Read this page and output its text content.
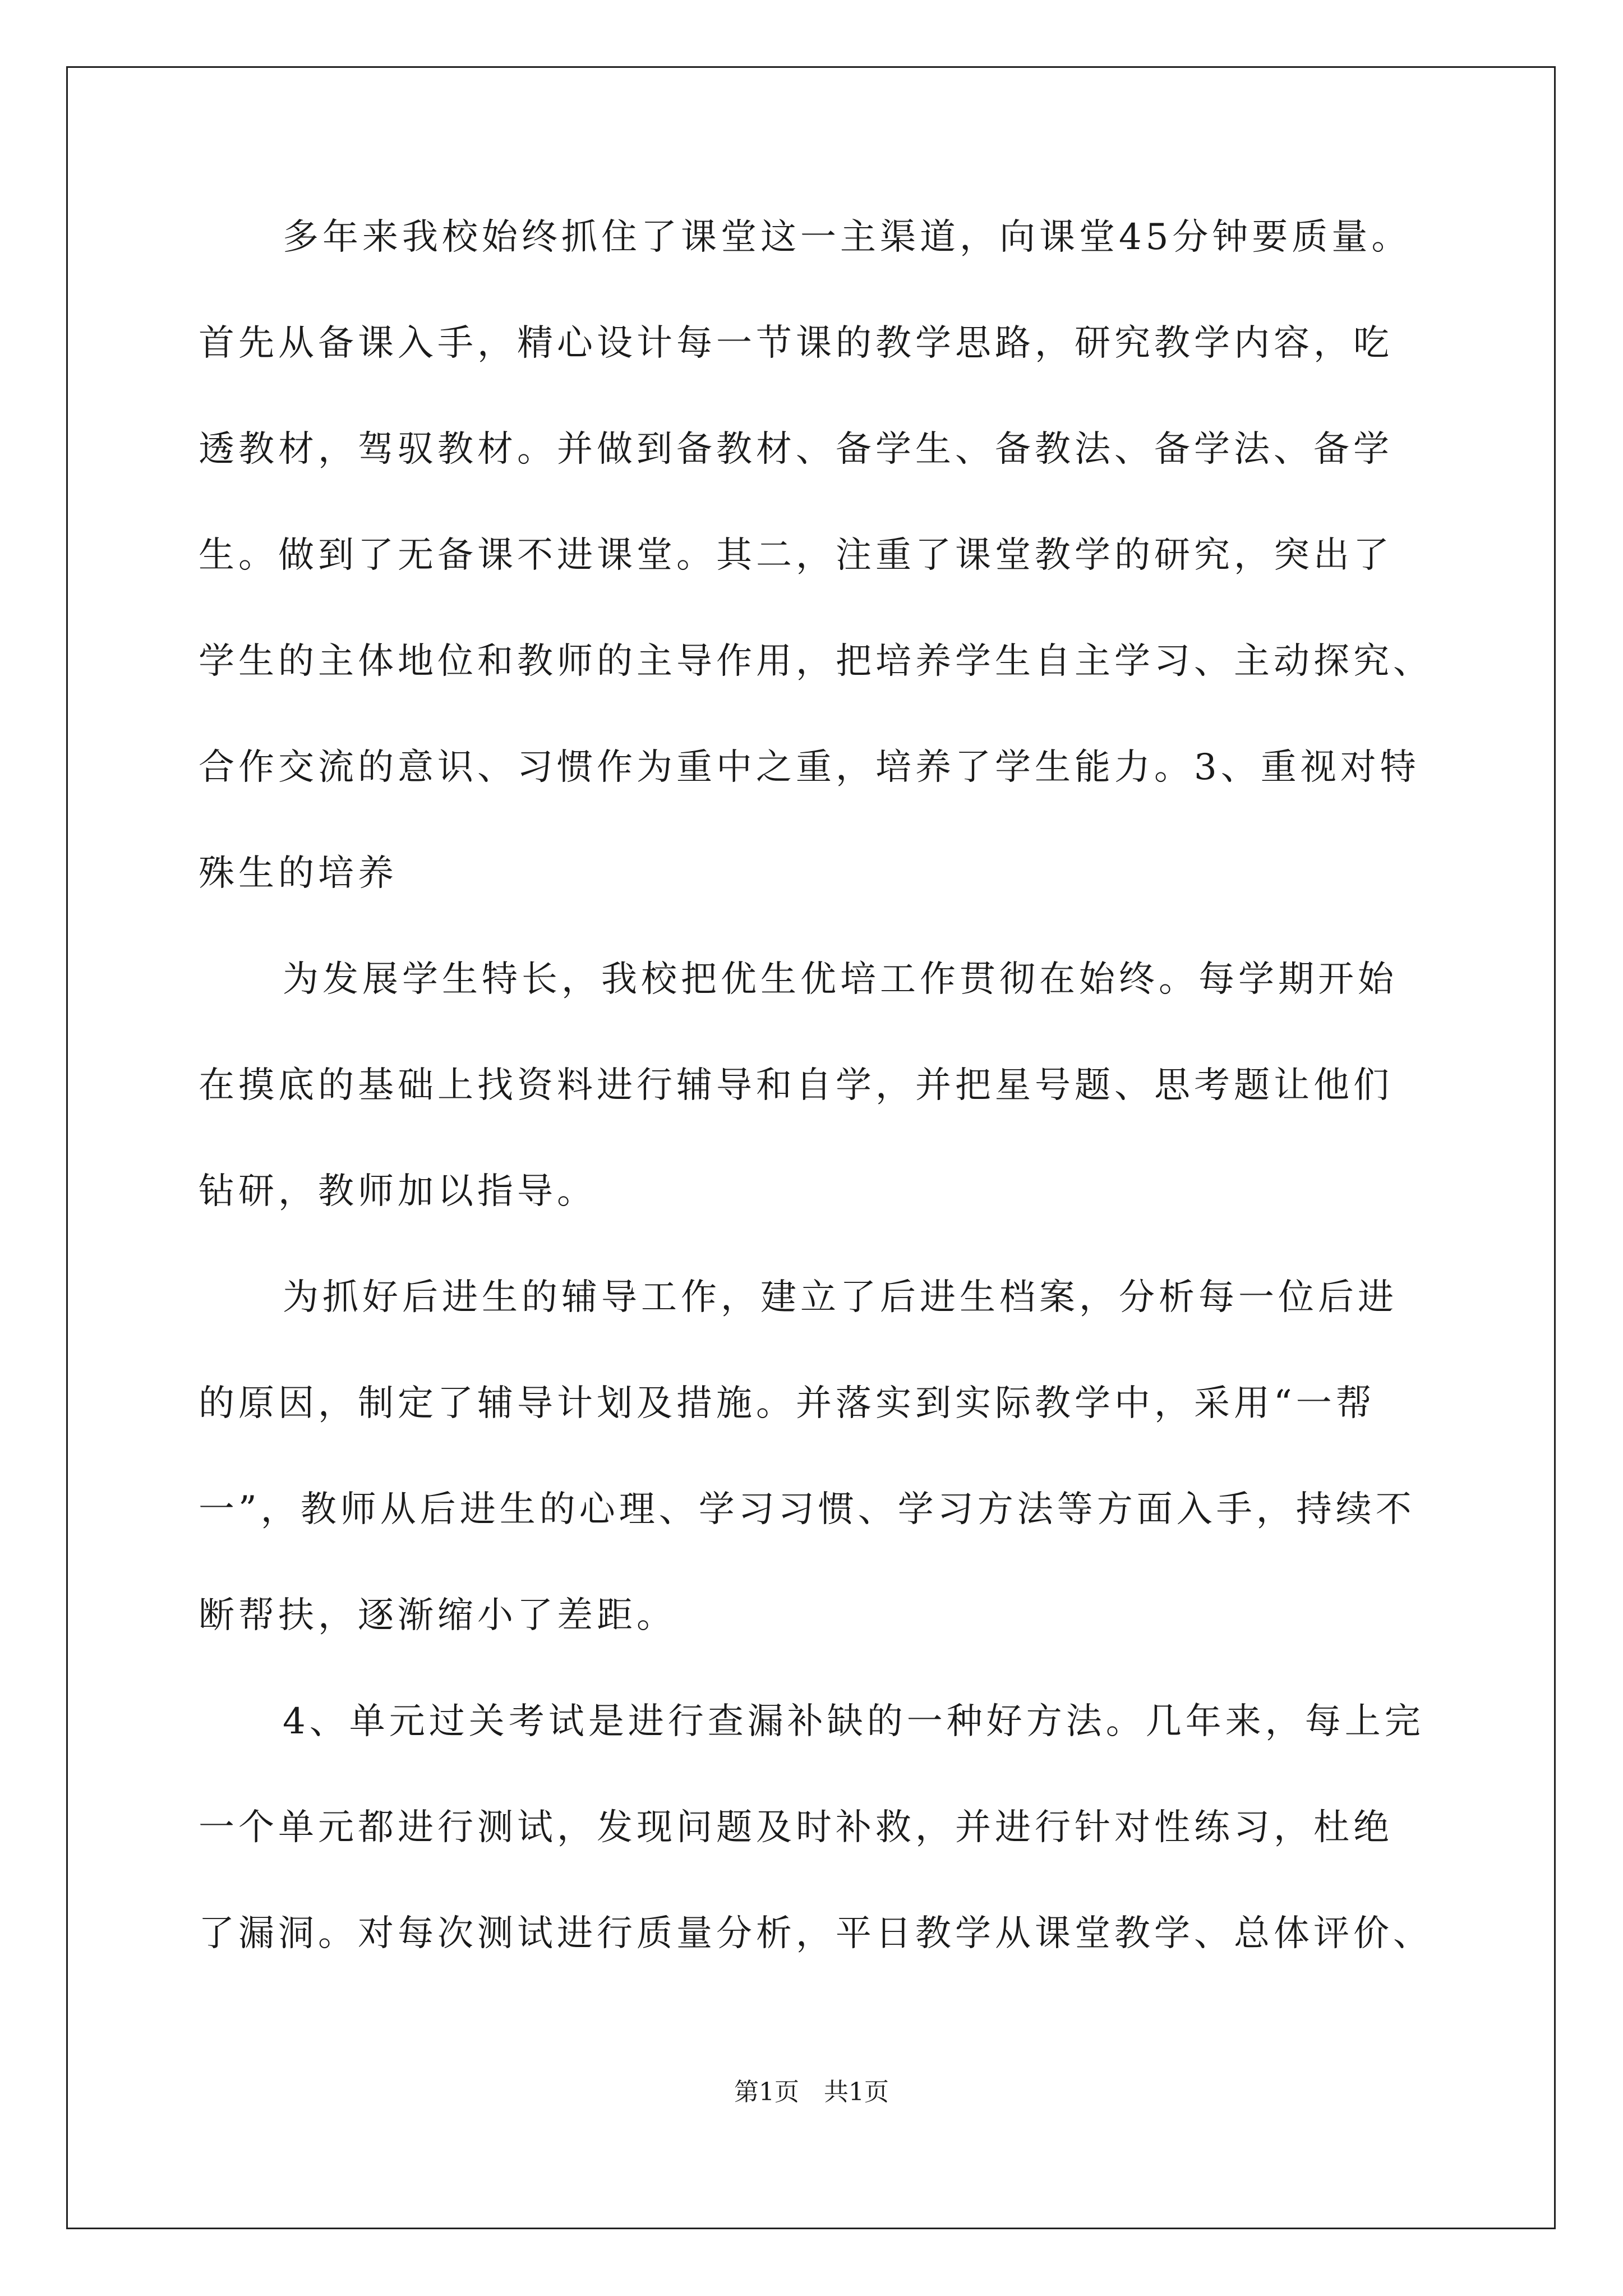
多年来我校始终抓住了课堂这一主渠道，向课堂45分钟要质量。
首先从备课入手，精心设计每一节课的教学思路，研究教学内容，吃
透教材，驾驭教材。并做到备教材、备学生、备教法、备学法、备学
生。做到了无备课不进课堂。其二，注重了课堂教学的研究，突出了
学生的主体地位和教师的主导作用，把培养学生自主学习、主动探究、
合作交流的意识、习惯作为重中之重，培养了学生能力。3、重视对特
殊生的培养
为发展学生特长，我校把优生优培工作贯彻在始终。每学期开始
在摸底的基础上找资料进行辅导和自学，并把星号题、思考题让他们
钻研，教师加以指导。
为抓好后进生的辅导工作，建立了后进生档案，分析每一位后进
的原因，制定了辅导计划及措施。并落实到实际教学中，采用“一帮
一”，教师从后进生的心理、学习习惯、学习方法等方面入手，持续不
断帮扶，逐渐缩小了差距。
4、单元过关考试是进行查漏补缺的一种好方法。几年来，每上完
一个单元都进行测试，发现问题及时补救，并进行针对性练习，杜绝
了漏洞。对每次测试进行质量分析，平日教学从课堂教学、总体评价、
第1页　共1页
